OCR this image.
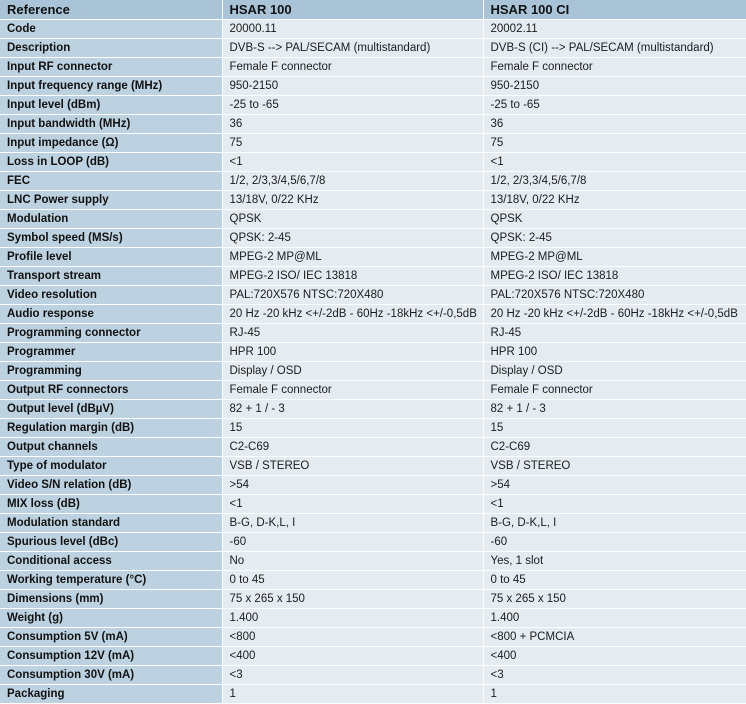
Reference	HSAR 100	HSAR 100 CI
Code	20000.11	20002.11
Description	DVB-S --> PAL/SECAM (multistandard)	DVB-S (CI) --> PAL/SECAM (multistandard)
Input RF connector	Female F connector	Female F connector
Input frequency range (MHz)	950-2150	950-2150
Input level (dBm)	-25 to -65	-25 to -65
Input bandwidth (MHz)	36	36
Input impedance (Ω)	75	75
Loss in LOOP (dB)	<1	<1
FEC	1/2, 2/3,3/4,5/6,7/8	1/2, 2/3,3/4,5/6,7/8
LNC Power supply	13/18V, 0/22 KHz	13/18V, 0/22 KHz
Modulation	QPSK	QPSK
Symbol speed (MS/s)	QPSK: 2-45	QPSK: 2-45
Profile level	MPEG-2 MP@ML	MPEG-2 MP@ML
Transport stream	MPEG-2 ISO/ IEC 13818	MPEG-2 ISO/ IEC 13818
Video resolution	PAL:720X576 NTSC:720X480	PAL:720X576 NTSC:720X480
Audio response	20 Hz -20 kHz <+/-2dB - 60Hz -18kHz <+/-0,5dB	20 Hz -20 kHz <+/-2dB - 60Hz -18kHz <+/-0,5dB
Programming connector	RJ-45	RJ-45
Programmer	HPR 100	HPR 100
Programming	Display / OSD	Display / OSD
Output RF connectors	Female F connector	Female F connector
Output level (dBµV)	82 + 1 / - 3	82 + 1 / - 3
Regulation margin (dB)	15	15
Output channels	C2-C69	C2-C69
Type of modulator	VSB / STEREO	VSB / STEREO
Video S/N relation (dB)	>54	>54
MIX loss (dB)	<1	<1
Modulation standard	B-G, D-K,L, I	B-G, D-K,L, I
Spurious level (dBc)	-60	-60
Conditional access	No	Yes, 1 slot
Working temperature (°C)	0 to 45	0 to 45
Dimensions (mm)	75 x 265 x 150	75 x 265 x 150
Weight (g)	1.400	1.400
Consumption 5V (mA)	<800	<800 + PCMCIA
Consumption 12V (mA)	<400	<400
Consumption 30V (mA)	<3	<3
Packaging	1	1
